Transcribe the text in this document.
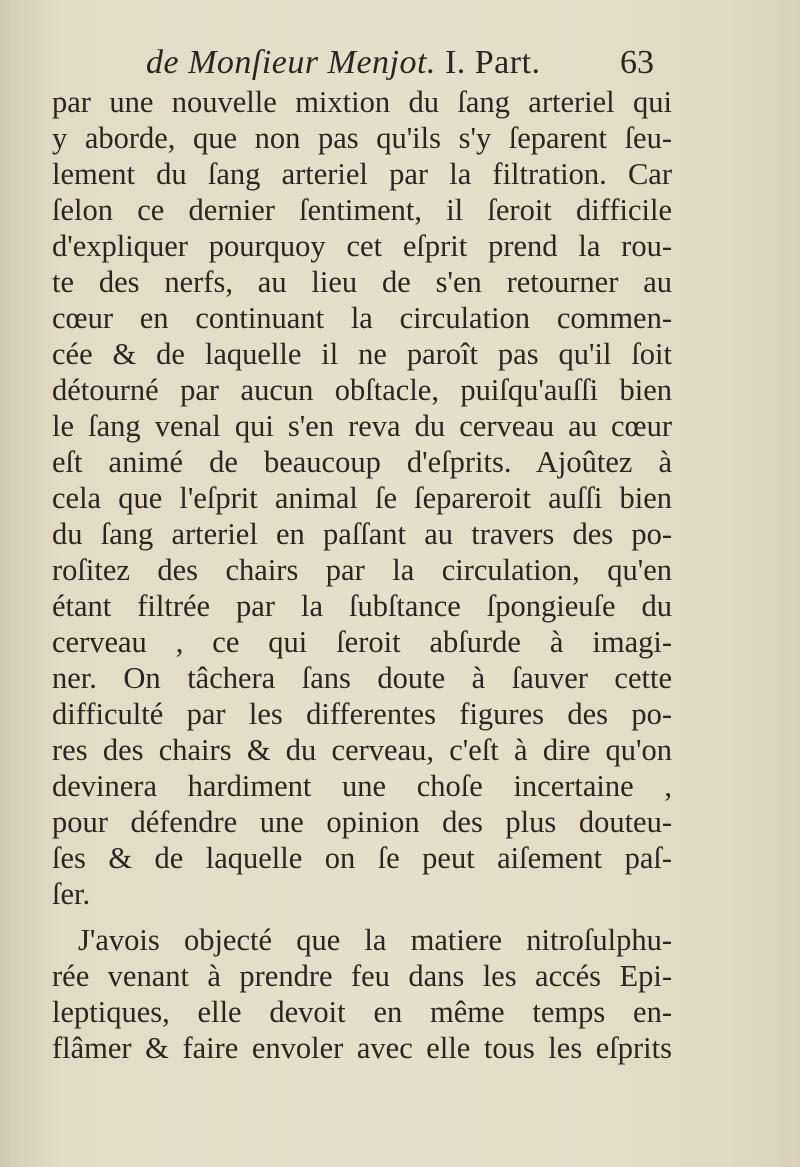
de Monſieur Menjot. I. Part. 63
par une nouvelle mixtion du ſang arteriel qui
y aborde, que non pas qu'ils s'y ſeparent ſeu-
lement du ſang arteriel par la filtration. Car
ſelon ce dernier ſentiment, il ſeroit difficile
d'expliquer pourquoy cet eſprit prend la rou-
te des nerfs, au lieu de s'en retourner au
cœur en continuant la circulation commen-
cée & de laquelle il ne paroît pas qu'il ſoit
détourné par aucun obſtacle, puiſqu'auſſi bien
le ſang venal qui s'en reva du cerveau au cœur
eſt animé de beaucoup d'eſprits. Ajoûtez à
cela que l'eſprit animal ſe ſepareroit auſſi bien
du ſang arteriel en paſſant au travers des po-
roſitez des chairs par la circulation, qu'en
étant filtrée par la ſubſtance ſpongieuſe du
cerveau , ce qui ſeroit abſurde à imagi-
ner. On tâchera ſans doute à ſauver cette
difficulté par les differentes figures des po-
res des chairs & du cerveau, c'eſt à dire qu'on
devinera hardiment une choſe incertaine ,
pour défendre une opinion des plus douteu-
ſes & de laquelle on ſe peut aiſement paſ-
ſer.
J'avois objecté que la matiere nitroſulphu-
rée venant à prendre feu dans les accés Epi-
leptiques, elle devoit en même temps en-
flâmer & faire envoler avec elle tous les eſprits
